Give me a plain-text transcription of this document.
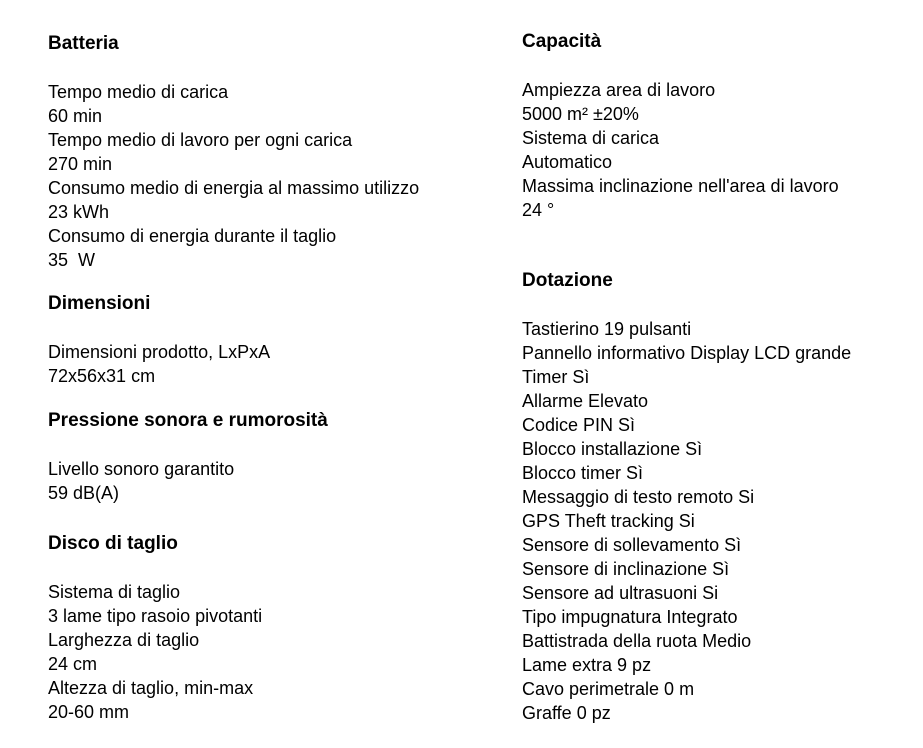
Batteria
Tempo medio di carica
60 min
Tempo medio di lavoro per ogni carica
270 min
Consumo medio di energia al massimo utilizzo
23 kWh
Consumo di energia durante il taglio
35  W
Dimensioni
Dimensioni prodotto, LxPxA
72x56x31 cm
Pressione sonora e rumorosità
Livello sonoro garantito
59 dB(A)
Disco di taglio
Sistema di taglio
3 lame tipo rasoio pivotanti
Larghezza di taglio
24 cm
Altezza di taglio, min-max
20-60 mm
Capacità
Ampiezza area di lavoro
5000 m² ±20%
Sistema di carica
Automatico
Massima inclinazione nell'area di lavoro
24 °
Dotazione
Tastierino 19 pulsanti
Pannello informativo Display LCD grande
Timer Sì
Allarme Elevato
Codice PIN Sì
Blocco installazione Sì
Blocco timer Sì
Messaggio di testo remoto Si
GPS Theft tracking Si
Sensore di sollevamento Sì
Sensore di inclinazione Sì
Sensore ad ultrasuoni Si
Tipo impugnatura Integrato
Battistrada della ruota Medio
Lame extra 9 pz
Cavo perimetrale 0 m
Graffe 0 pz
